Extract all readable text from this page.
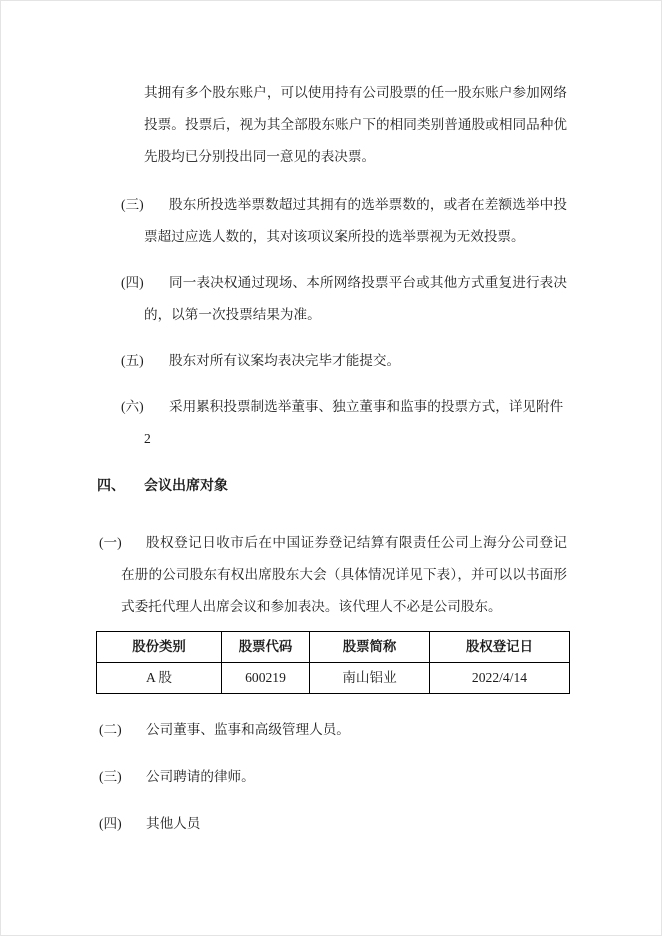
其拥有多个股东账户，可以使用持有公司股票的任一股东账户参加网络投票。投票后，视为其全部股东账户下的相同类别普通股或相同品种优先股均已分别投出同一意见的表决票。

(三) 股东所投选举票数超过其拥有的选举票数的，或者在差额选举中投票超过应选人数的，其对该项议案所投的选举票视为无效投票。
(四) 同一表决权通过现场、本所网络投票平台或其他方式重复进行表决的，以第一次投票结果为准。
(五) 股东对所有议案均表决完毕才能提交。
(六) 采用累积投票制选举董事、独立董事和监事的投票方式，详见附件
2
四、 会议出席对象
(一) 股权登记日收市后在中国证券登记结算有限责任公司上海分公司登记在册的公司股东有权出席股东大会（具体情况详见下表），并可以以书面形式委托代理人出席会议和参加表决。该代理人不必是公司股东。
股份类别	股票代码	股票简称	股权登记日
A 股	600219	南山铝业	2022/4/14
(二) 公司董事、监事和高级管理人员。
(三) 公司聘请的律师。
(四) 其他人员
